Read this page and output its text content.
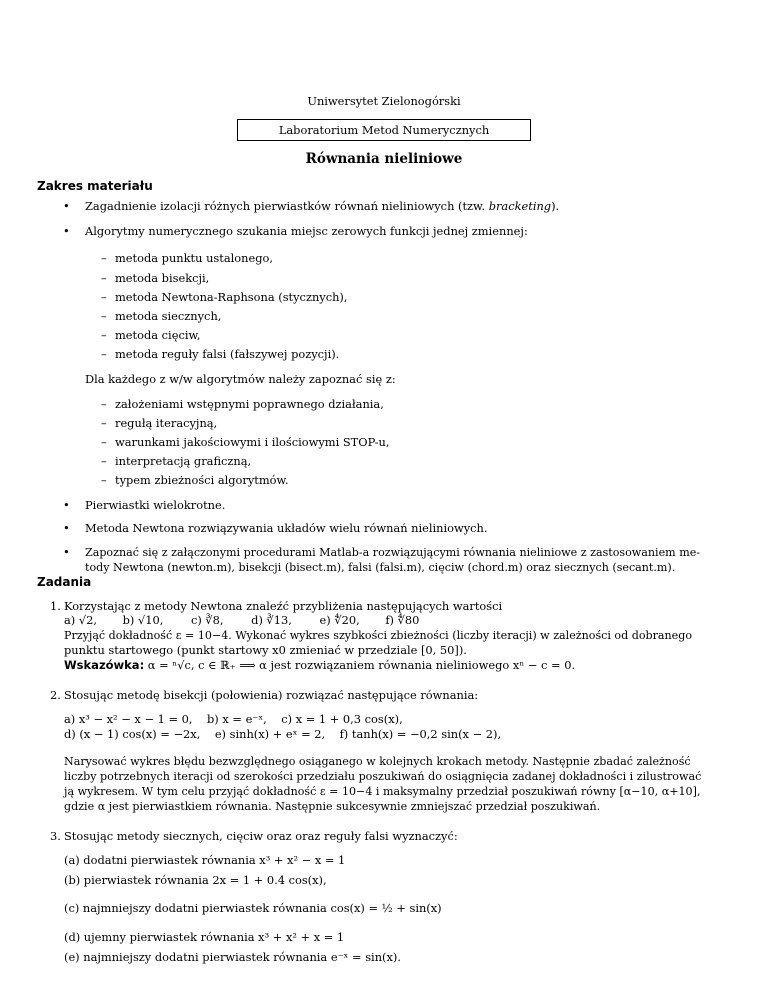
Uniwersytet Zielonogórski
Laboratorium Metod Numerycznych
Równania nieliniowe
Zakres materiału
• Zagadnienie izolacji różnych pierwiastków równań nieliniowych (tzw. bracketing).
• Algorytmy numerycznego szukania miejsc zerowych funkcji jednej zmiennej:
– metoda punktu ustalonego,
– metoda bisekcji,
– metoda Newtona-Raphsona (stycznych),
– metoda siecznych,
– metoda cięciw,
– metoda reguły falsi (fałszywej pozycji).
Dla każdego z w/w algorytmów należy zapoznać się z:
– założeniami wstępnymi poprawnego działania,
– regułą iteracyjną,
– warunkami jakościowymi i ilościowymi STOP-u,
– interpretacją graficzną,
– typem zbieżności algorytmów.
• Pierwiastki wielokrotne.
• Metoda Newtona rozwiązywania układów wielu równań nieliniowych.
• Zapoznać się z załączonymi procedurami Matlab-a rozwiązującymi równania nieliniowe z zastosowaniem me-
tody Newtona (newton.m), bisekcji (bisect.m), falsi (falsi.m), cięciw (chord.m) oraz siecznych (secant.m).
Zadania
1. Korzystając z metody Newtona znaleźć przybliżenia następujących wartości
a) √2, b) √10, c) ∛8, d) ∛13, e) ∜20, f) ∜80
Przyjąć dokładność ε = 10−4. Wykonać wykres szybkości zbieżności (liczby iteracji) w zależności od dobranego
punktu startowego (punkt startowy x0 zmieniać w przedziale [0, 50]).
Wskazówka: α = ⁿ√c, c ∈ ℝ₊ ⟹ α jest rozwiązaniem równania nieliniowego xⁿ − c = 0.
2. Stosując metodę bisekcji (połowienia) rozwiązać następujące równania:
a) x³ − x² − x − 1 = 0,    b) x = e⁻ˣ,    c) x = 1 + 0,3 cos(x),
d) (x − 1) cos(x) = −2x,    e) sinh(x) + eˣ = 2,    f) tanh(x) = −0,2 sin(x − 2),
Narysować wykres błędu bezwzględnego osiąganego w kolejnych krokach metody. Następnie zbadać zależność
liczby potrzebnych iteracji od szerokości przedziału poszukiwań do osiągnięcia zadanej dokładności i zilustrować
ją wykresem. W tym celu przyjąć dokładność ε = 10−4 i maksymalny przedział poszukiwań równy [α−10, α+10],
gdzie α jest pierwiastkiem równania. Następnie sukcesywnie zmniejszać przedział poszukiwań.
3. Stosując metody siecznych, cięciw oraz oraz reguły falsi wyznaczyć:
(a) dodatni pierwiastek równania x³ + x² − x = 1
(b) pierwiastek równania 2x = 1 + 0.4 cos(x),
(c) najmniejszy dodatni pierwiastek równania cos(x) = ½ + sin(x)
(d) ujemny pierwiastek równania x³ + x² + x = 1
(e) najmniejszy dodatni pierwiastek równania e⁻ˣ = sin(x).
